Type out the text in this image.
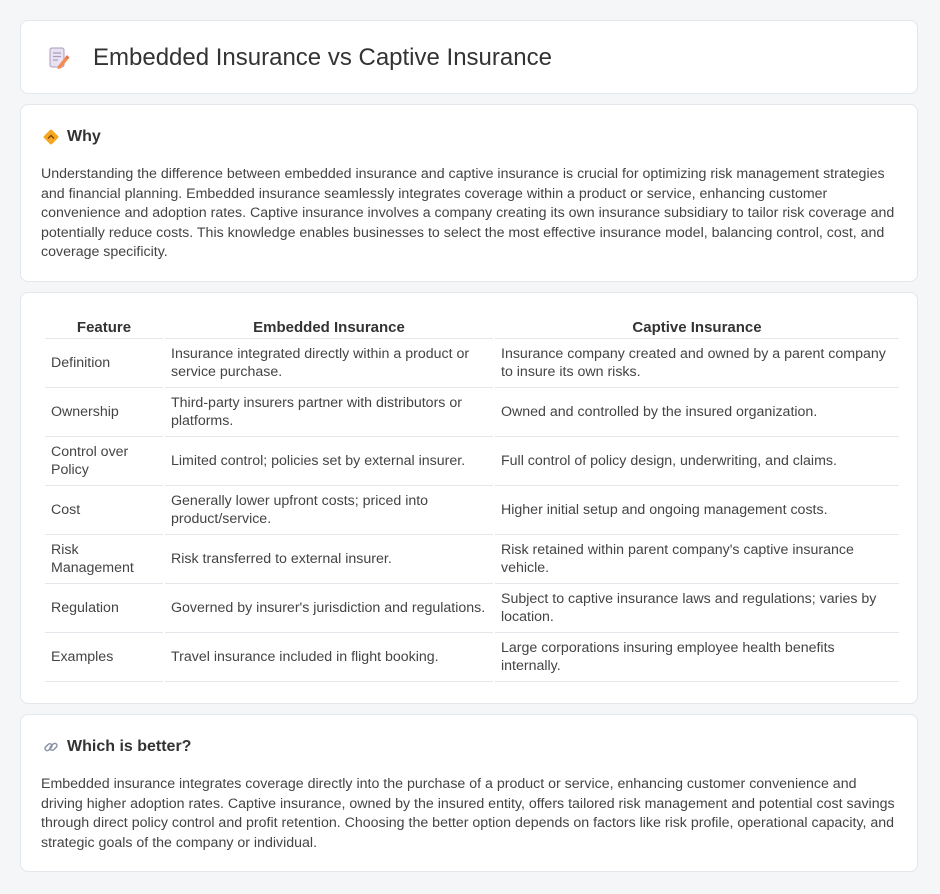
Embedded Insurance vs Captive Insurance
Why

Understanding the difference between embedded insurance and captive insurance is crucial for optimizing risk management strategies and financial planning. Embedded insurance seamlessly integrates coverage within a product or service, enhancing customer convenience and adoption rates. Captive insurance involves a company creating its own insurance subsidiary to tailor risk coverage and potentially reduce costs. This knowledge enables businesses to select the most effective insurance model, balancing control, cost, and coverage specificity.

Feature	Embedded Insurance	Captive Insurance
Definition	Insurance integrated directly within a product or service purchase.	Insurance company created and owned by a parent company to insure its own risks.
Ownership	Third-party insurers partner with distributors or platforms.	Owned and controlled by the insured organization.
Control over Policy	Limited control; policies set by external insurer.	Full control of policy design, underwriting, and claims.
Cost	Generally lower upfront costs; priced into product/service.	Higher initial setup and ongoing management costs.
Risk Management	Risk transferred to external insurer.	Risk retained within parent company's captive insurance vehicle.
Regulation	Governed by insurer's jurisdiction and regulations.	Subject to captive insurance laws and regulations; varies by location.
Examples	Travel insurance included in flight booking.	Large corporations insuring employee health benefits internally.
Which is better?

Embedded insurance integrates coverage directly into the purchase of a product or service, enhancing customer convenience and driving higher adoption rates. Captive insurance, owned by the insured entity, offers tailored risk management and potential cost savings through direct policy control and profit retention. Choosing the better option depends on factors like risk profile, operational capacity, and strategic goals of the company or individual.
